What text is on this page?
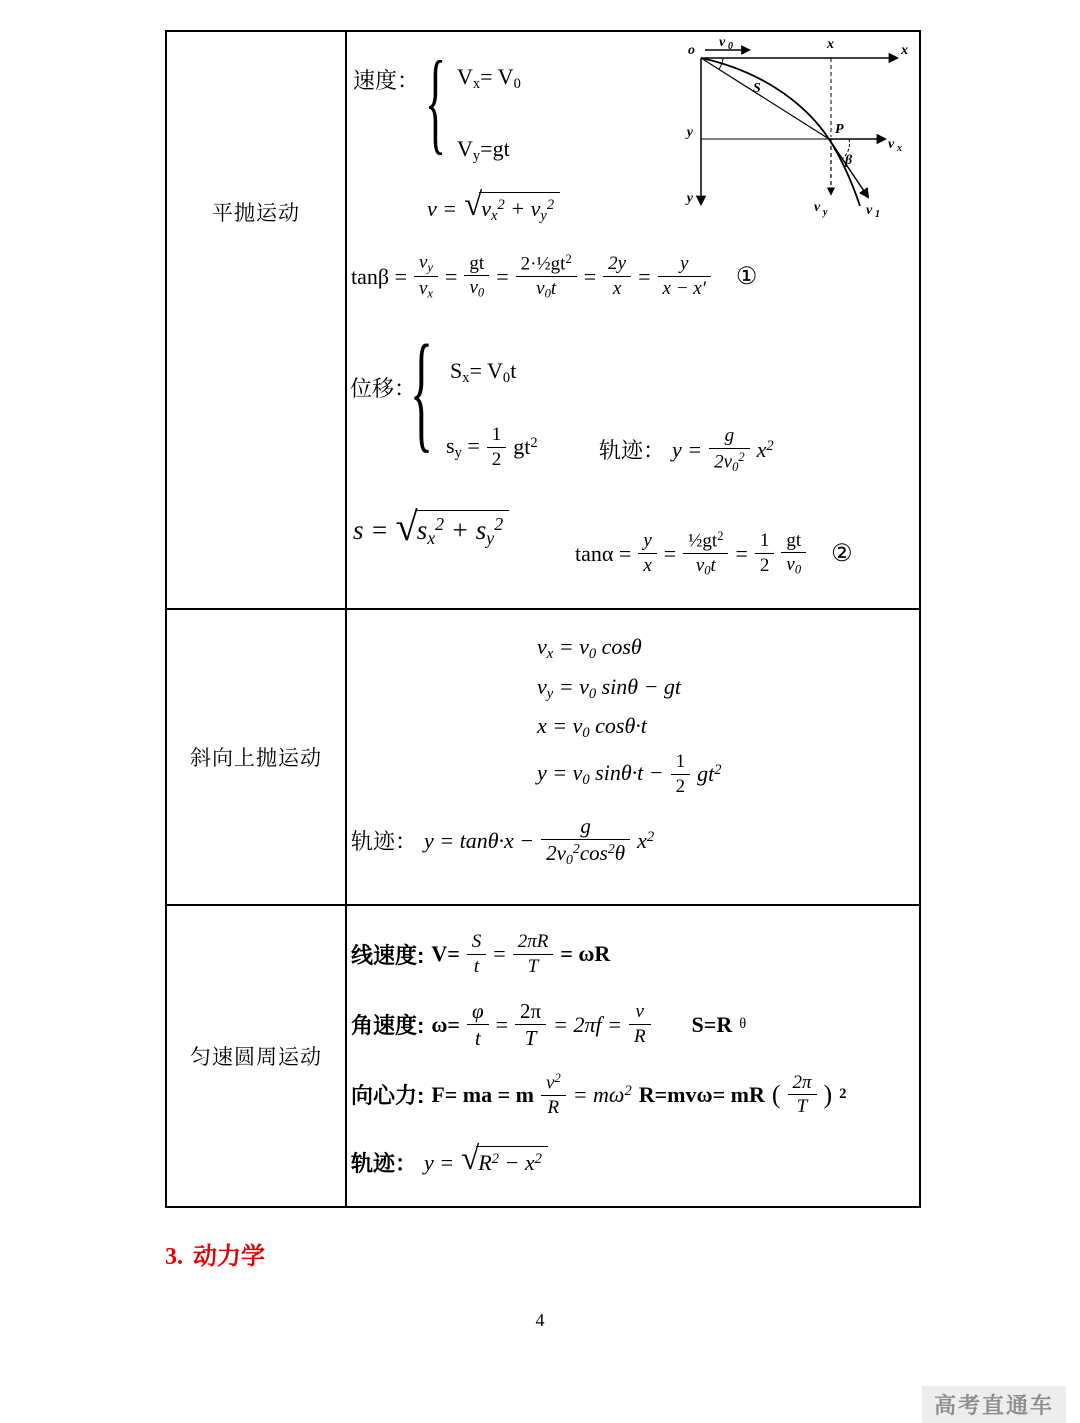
平抛运动
速度： { $V_x= V_0$
$V_y=gt$
o
v 0	x	x
S
P
y
y
v x
β
v y	v 1
v = √ $v_x^2 + v_y^2$
$\tan\beta = \frac{v_y}{v_x} = \frac{gt}{v_0} = \frac{2\cdot\frac{1}{2}gt^2}{v_0t} = \frac{2y}{x} = \frac{y}{x - x'}$ ①
位移：
{ $S_x= V_0t$
$s_y = \frac{1}{2} gt^2$	轨迹： $y = \frac{g}{2v_0^2} x^2$
s = √ $s_x^2 + s_y^2$
$\tan\alpha = \frac{y}{x} = \frac{\frac{1}{2}gt^2}{v_0t} = \frac{1}{2} \frac{gt}{v_0}$ ②
斜向上抛运动
$v_x = v_0$ cosθ
$v_y = v_0$ sinθ − gt
$x = v_0$ cosθ·t
$y = v_0$ $\sin\theta\cdot t - \frac{1}{2} gt^2$
轨迹： $y = \tan\theta\cdot x - \frac{g}{2v_0^2\cos^2\theta} x^2$
匀速圆周运动
线速度: $V= \frac{S}{t} = \frac{2\pi R}{T} = \omega R$
角速度: $\omega= \frac{\varphi}{t} = \frac{2\pi}{T} = 2\pi f = \frac{v}{R} S=R$ θ
向心力: F= ma = m $\frac{v^2}{R} = m\omega^2$ R=mvω= mR ( $\frac{2\pi}{T}$ ) 2
轨迹： y = √ $R^2 - x^2$
3. 动力学
4
高考直通车
